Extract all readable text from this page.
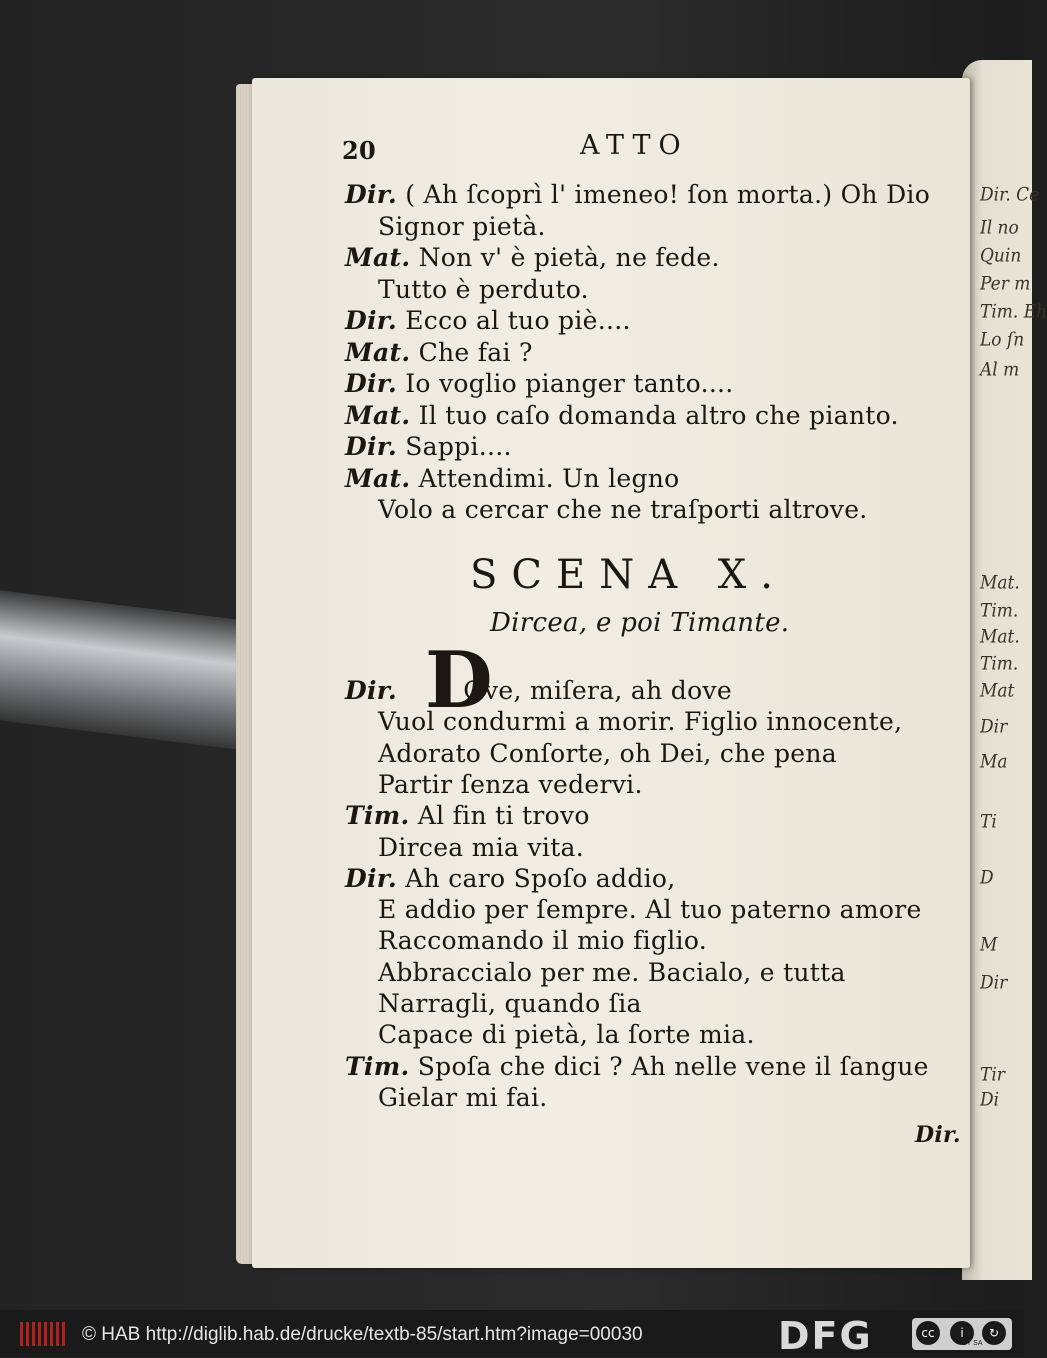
Dir. Ce
Il no
Quin
Per m
Tim. Eh
Lo ſn
Al m
Mat.
Tim.
Mat.
Tim.
Mat
Dir
Ma
Ti
D
M
Dir
Tir
Di
20	ATTO
Dir. ( Ah ſcoprì l' imeneo! ſon morta.) Oh Dio
Signor pietà.
Mat. Non v' è pietà, ne fede.
Tutto è perduto.
Dir. Ecco al tuo piè....
Mat. Che fai ?
Dir. Io voglio pianger tanto....
Mat. Il tuo caſo domanda altro che pianto.
Dir. Sappi....
Mat. Attendimi. Un legno
Volo a cercar che ne traſporti altrove.
SCENA X.
Dircea, e poi Timante.
D
Dir. Ove, miſera, ah dove
Vuol condurmi a morir. Figlio innocente,
Adorato Conſorte, oh Dei, che pena
Partir ſenza vedervi.
Tim. Al fin ti trovo
Dircea mia vita.
Dir. Ah caro Spoſo addio,
E addio per ſempre. Al tuo paterno amore
Raccomando il mio figlio.
Abbraccialo per me. Bacialo, e tutta
Narragli, quando ſia
Capace di pietà, la ſorte mia.
Tim. Spoſa che dici ? Ah nelle vene il ſangue
Gielar mi fai.
Dir.
© HAB http://diglib.hab.de/drucke/textb-85/start.htm?image=00030	DFG	cc	i	↻
BY SA
